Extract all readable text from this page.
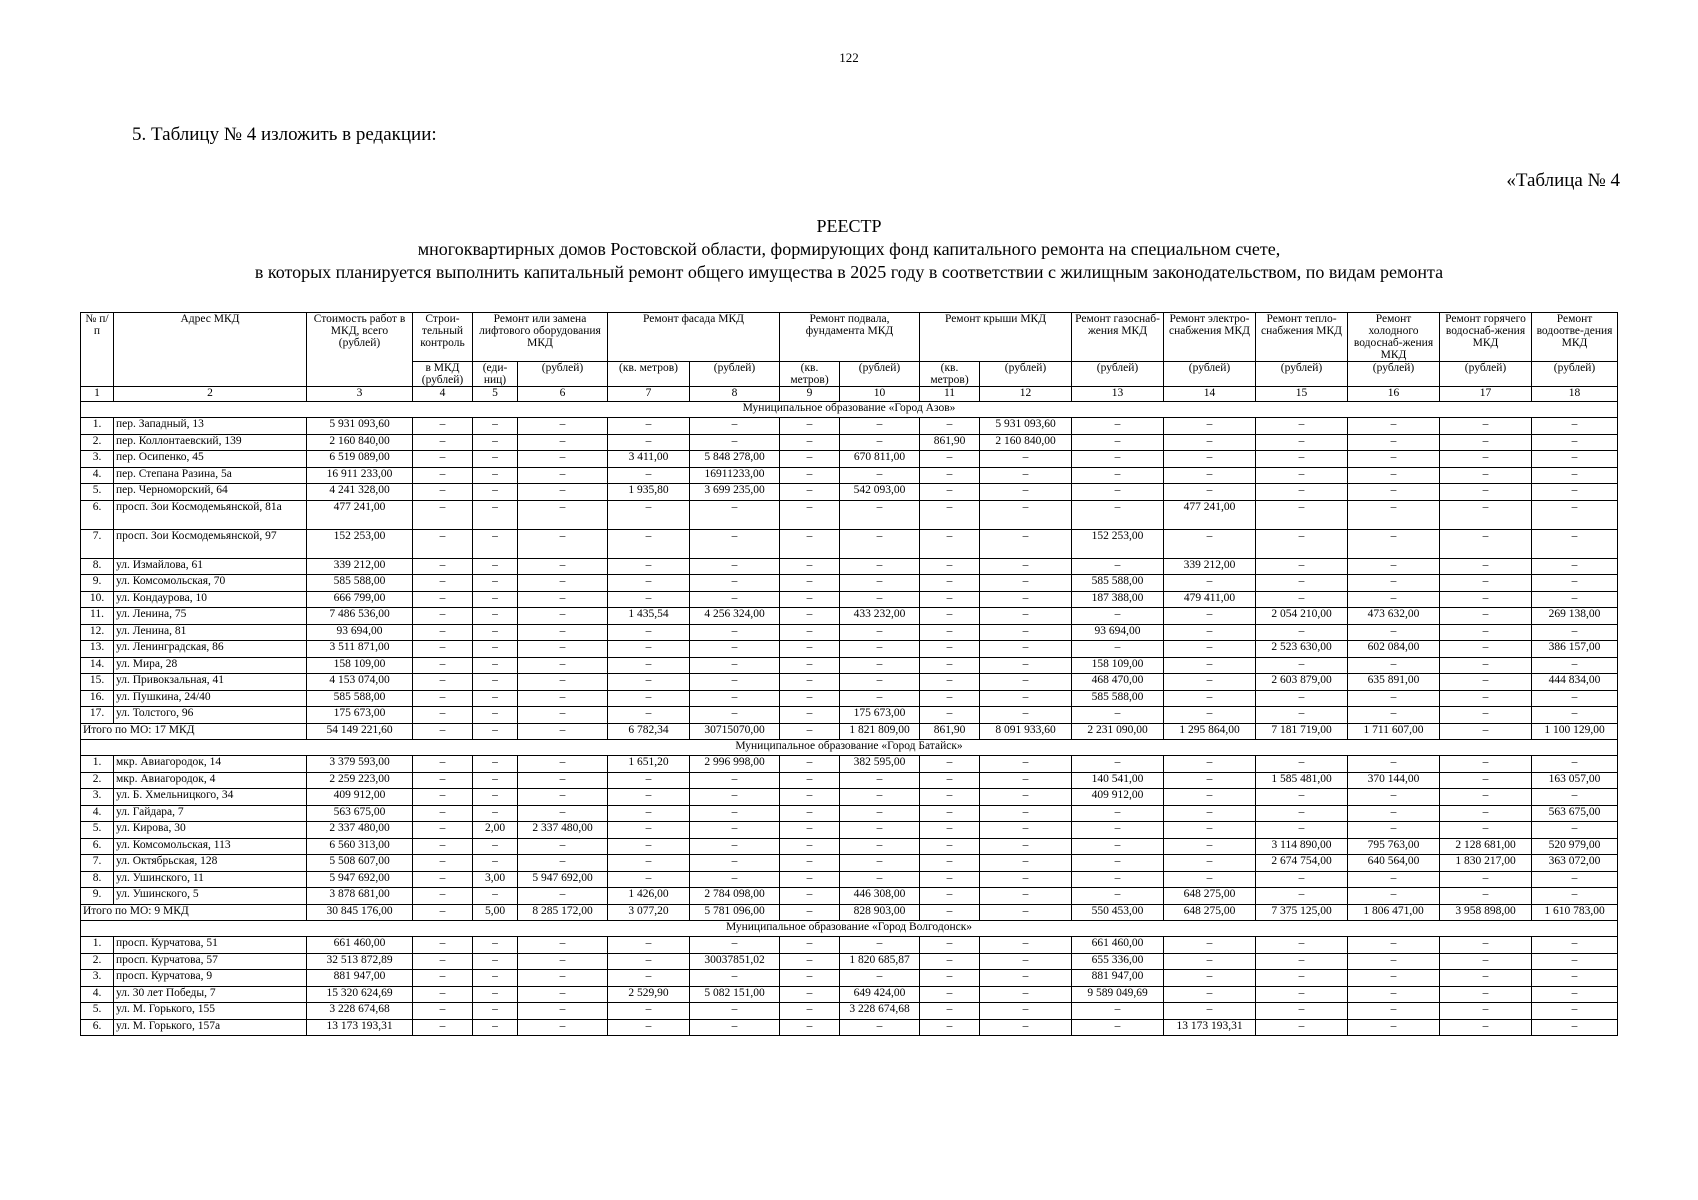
122
5. Таблицу № 4 изложить в редакции:
«Таблица № 4
РЕЕСТР
многоквартирных домов Ростовской области, формирующих фонд капитального ремонта на специальном счете,
в которых планируется выполнить капитальный ремонт общего имущества в 2025 году в соответствии с жилищным законодательством, по видам ремонта
№ п/п	Адрес МКД	Стоимость работ в МКД, всего (рублей)	Строи-тельный контроль	Ремонт или замена лифтового оборудования МКД		Ремонт фасада МКД		Ремонт подвала, фундамента МКД		Ремонт крыши МКД		Ремонт газоснаб-жения МКД	Ремонт электро-снабжения МКД	Ремонт тепло-снабжения МКД	Ремонт холодного водоснаб-жения МКД	Ремонт горячего водоснаб-жения МКД	Ремонт водоотве-дения МКД
			в МКД (рублей)	(еди-ниц)	(рублей)	(кв. метров)	(рублей)	(кв. метров)	(рублей)	(кв. метров)	(рублей)	(рублей)	(рублей)	(рублей)	(рублей)	(рублей)	(рублей)
1	2	3	4	5	6	7	8	9	10	11	12	13	14	15	16	17	18
Муниципальное образование «Город Азов»																	
1.	пер. Западный, 13	5 931 093,60	–	–	–	–	–	–	–	–	5 931 093,60	–	–	–	–	–	–
2.	пер. Коллонтаевский, 139	2 160 840,00	–	–	–	–	–	–	–	861,90	2 160 840,00	–	–	–	–	–	–
3.	пер. Осипенко, 45	6 519 089,00	–	–	–	3 411,00	5 848 278,00	–	670 811,00	–	–	–	–	–	–	–	–
4.	пер. Степана Разина, 5а	16 911 233,00	–	–	–	–	16911233,00	–	–	–	–	–	–	–	–	–	–
5.	пер. Черноморский, 64	4 241 328,00	–	–	–	1 935,80	3 699 235,00	–	542 093,00	–	–	–	–	–	–	–	–
6.	просп. Зои Космодемьянской, 81а	477 241,00	–	–	–	–	–	–	–	–	–	–	477 241,00	–	–	–	–
7.	просп. Зои Космодемьянской, 97	152 253,00	–	–	–	–	–	–	–	–	–	152 253,00	–	–	–	–	–
8.	ул. Измайлова, 61	339 212,00	–	–	–	–	–	–	–	–	–	–	339 212,00	–	–	–	–
9.	ул. Комсомольская, 70	585 588,00	–	–	–	–	–	–	–	–	–	585 588,00	–	–	–	–	–
10.	ул. Кондаурова, 10	666 799,00	–	–	–	–	–	–	–	–	–	187 388,00	479 411,00	–	–	–	–
11.	ул. Ленина, 75	7 486 536,00	–	–	–	1 435,54	4 256 324,00	–	433 232,00	–	–	–	–	2 054 210,00	473 632,00	–	269 138,00
12.	ул. Ленина, 81	93 694,00	–	–	–	–	–	–	–	–	–	93 694,00	–	–	–	–	–
13.	ул. Ленинградская, 86	3 511 871,00	–	–	–	–	–	–	–	–	–	–	–	2 523 630,00	602 084,00	–	386 157,00
14.	ул. Мира, 28	158 109,00	–	–	–	–	–	–	–	–	–	158 109,00	–	–	–	–	–
15.	ул. Привокзальная, 41	4 153 074,00	–	–	–	–	–	–	–	–	–	468 470,00	–	2 603 879,00	635 891,00	–	444 834,00
16.	ул. Пушкина, 24/40	585 588,00	–	–	–	–	–	–	–	–	–	585 588,00	–	–	–	–	–
17.	ул. Толстого, 96	175 673,00	–	–	–	–	–	–	175 673,00	–	–	–	–	–	–	–	–
Итого по МО: 17 МКД		54 149 221,60	–	–	–	6 782,34	30715070,00	–	1 821 809,00	861,90	8 091 933,60	2 231 090,00	1 295 864,00	7 181 719,00	1 711 607,00	–	1 100 129,00
Муниципальное образование «Город Батайск»																	
1.	мкр. Авиагородок, 14	3 379 593,00	–	–	–	1 651,20	2 996 998,00	–	382 595,00	–	–	–	–	–	–	–	–
2.	мкр. Авиагородок, 4	2 259 223,00	–	–	–	–	–	–	–	–	–	140 541,00	–	1 585 481,00	370 144,00	–	163 057,00
3.	ул. Б. Хмельницкого, 34	409 912,00	–	–	–	–	–	–	–	–	–	409 912,00	–	–	–	–	–
4.	ул. Гайдара, 7	563 675,00	–	–	–	–	–	–	–	–	–	–	–	–	–	–	563 675,00
5.	ул. Кирова, 30	2 337 480,00	–	2,00	2 337 480,00	–	–	–	–	–	–	–	–	–	–	–	–
6.	ул. Комсомольская, 113	6 560 313,00	–	–	–	–	–	–	–	–	–	–	–	3 114 890,00	795 763,00	2 128 681,00	520 979,00
7.	ул. Октябрьская, 128	5 508 607,00	–	–	–	–	–	–	–	–	–	–	–	2 674 754,00	640 564,00	1 830 217,00	363 072,00
8.	ул. Ушинского, 11	5 947 692,00	–	3,00	5 947 692,00	–	–	–	–	–	–	–	–	–	–	–	–
9.	ул. Ушинского, 5	3 878 681,00	–	–	–	1 426,00	2 784 098,00	–	446 308,00	–	–	–	648 275,00	–	–	–	–
Итого по МО: 9 МКД		30 845 176,00	–	5,00	8 285 172,00	3 077,20	5 781 096,00	–	828 903,00	–	–	550 453,00	648 275,00	7 375 125,00	1 806 471,00	3 958 898,00	1 610 783,00
Муниципальное образование «Город Волгодонск»																	
1.	просп. Курчатова, 51	661 460,00	–	–	–	–	–	–	–	–	–	661 460,00	–	–	–	–	–
2.	просп. Курчатова, 57	32 513 872,89	–	–	–	–	30037851,02	–	1 820 685,87	–	–	655 336,00	–	–	–	–	–
3.	просп. Курчатова, 9	881 947,00	–	–	–	–	–	–	–	–	–	881 947,00	–	–	–	–	–
4.	ул. 30 лет Победы, 7	15 320 624,69	–	–	–	2 529,90	5 082 151,00	–	649 424,00	–	–	9 589 049,69	–	–	–	–	–
5.	ул. М. Горького, 155	3 228 674,68	–	–	–	–	–	–	3 228 674,68	–	–	–	–	–	–	–	–
6.	ул. М. Горького, 157а	13 173 193,31	–	–	–	–	–	–	–	–	–	–	13 173 193,31	–	–	–	–
